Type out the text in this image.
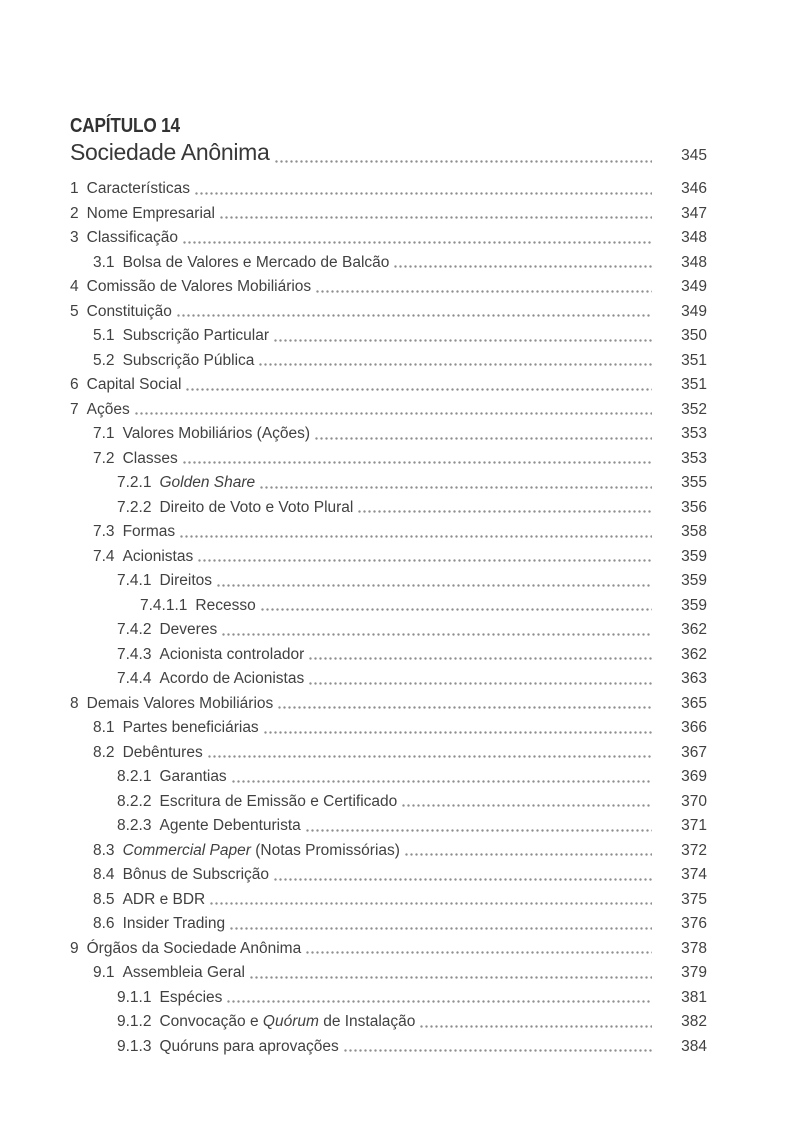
CAPÍTULO 14
Sociedade Anônima	345
1 Características	346
2 Nome Empresarial	347
3 Classificação	348
3.1 Bolsa de Valores e Mercado de Balcão	348
4 Comissão de Valores Mobiliários	349
5 Constituição	349
5.1 Subscrição Particular	350
5.2 Subscrição Pública	351
6 Capital Social	351
7 Ações	352
7.1 Valores Mobiliários (Ações)	353
7.2 Classes	353
7.2.1 Golden Share	355
7.2.2 Direito de Voto e Voto Plural	356
7.3 Formas	358
7.4 Acionistas	359
7.4.1 Direitos	359
7.4.1.1 Recesso	359
7.4.2 Deveres	362
7.4.3 Acionista controlador	362
7.4.4 Acordo de Acionistas	363
8 Demais Valores Mobiliários	365
8.1 Partes beneficiárias	366
8.2 Debêntures	367
8.2.1 Garantias	369
8.2.2 Escritura de Emissão e Certificado	370
8.2.3 Agente Debenturista	371
8.3 Commercial Paper (Notas Promissórias)	372
8.4 Bônus de Subscrição	374
8.5 ADR e BDR	375
8.6 Insider Trading	376
9 Órgãos da Sociedade Anônima	378
9.1 Assembleia Geral	379
9.1.1 Espécies	381
9.1.2 Convocação e Quórum de Instalação	382
9.1.3 Quóruns para aprovações	384
